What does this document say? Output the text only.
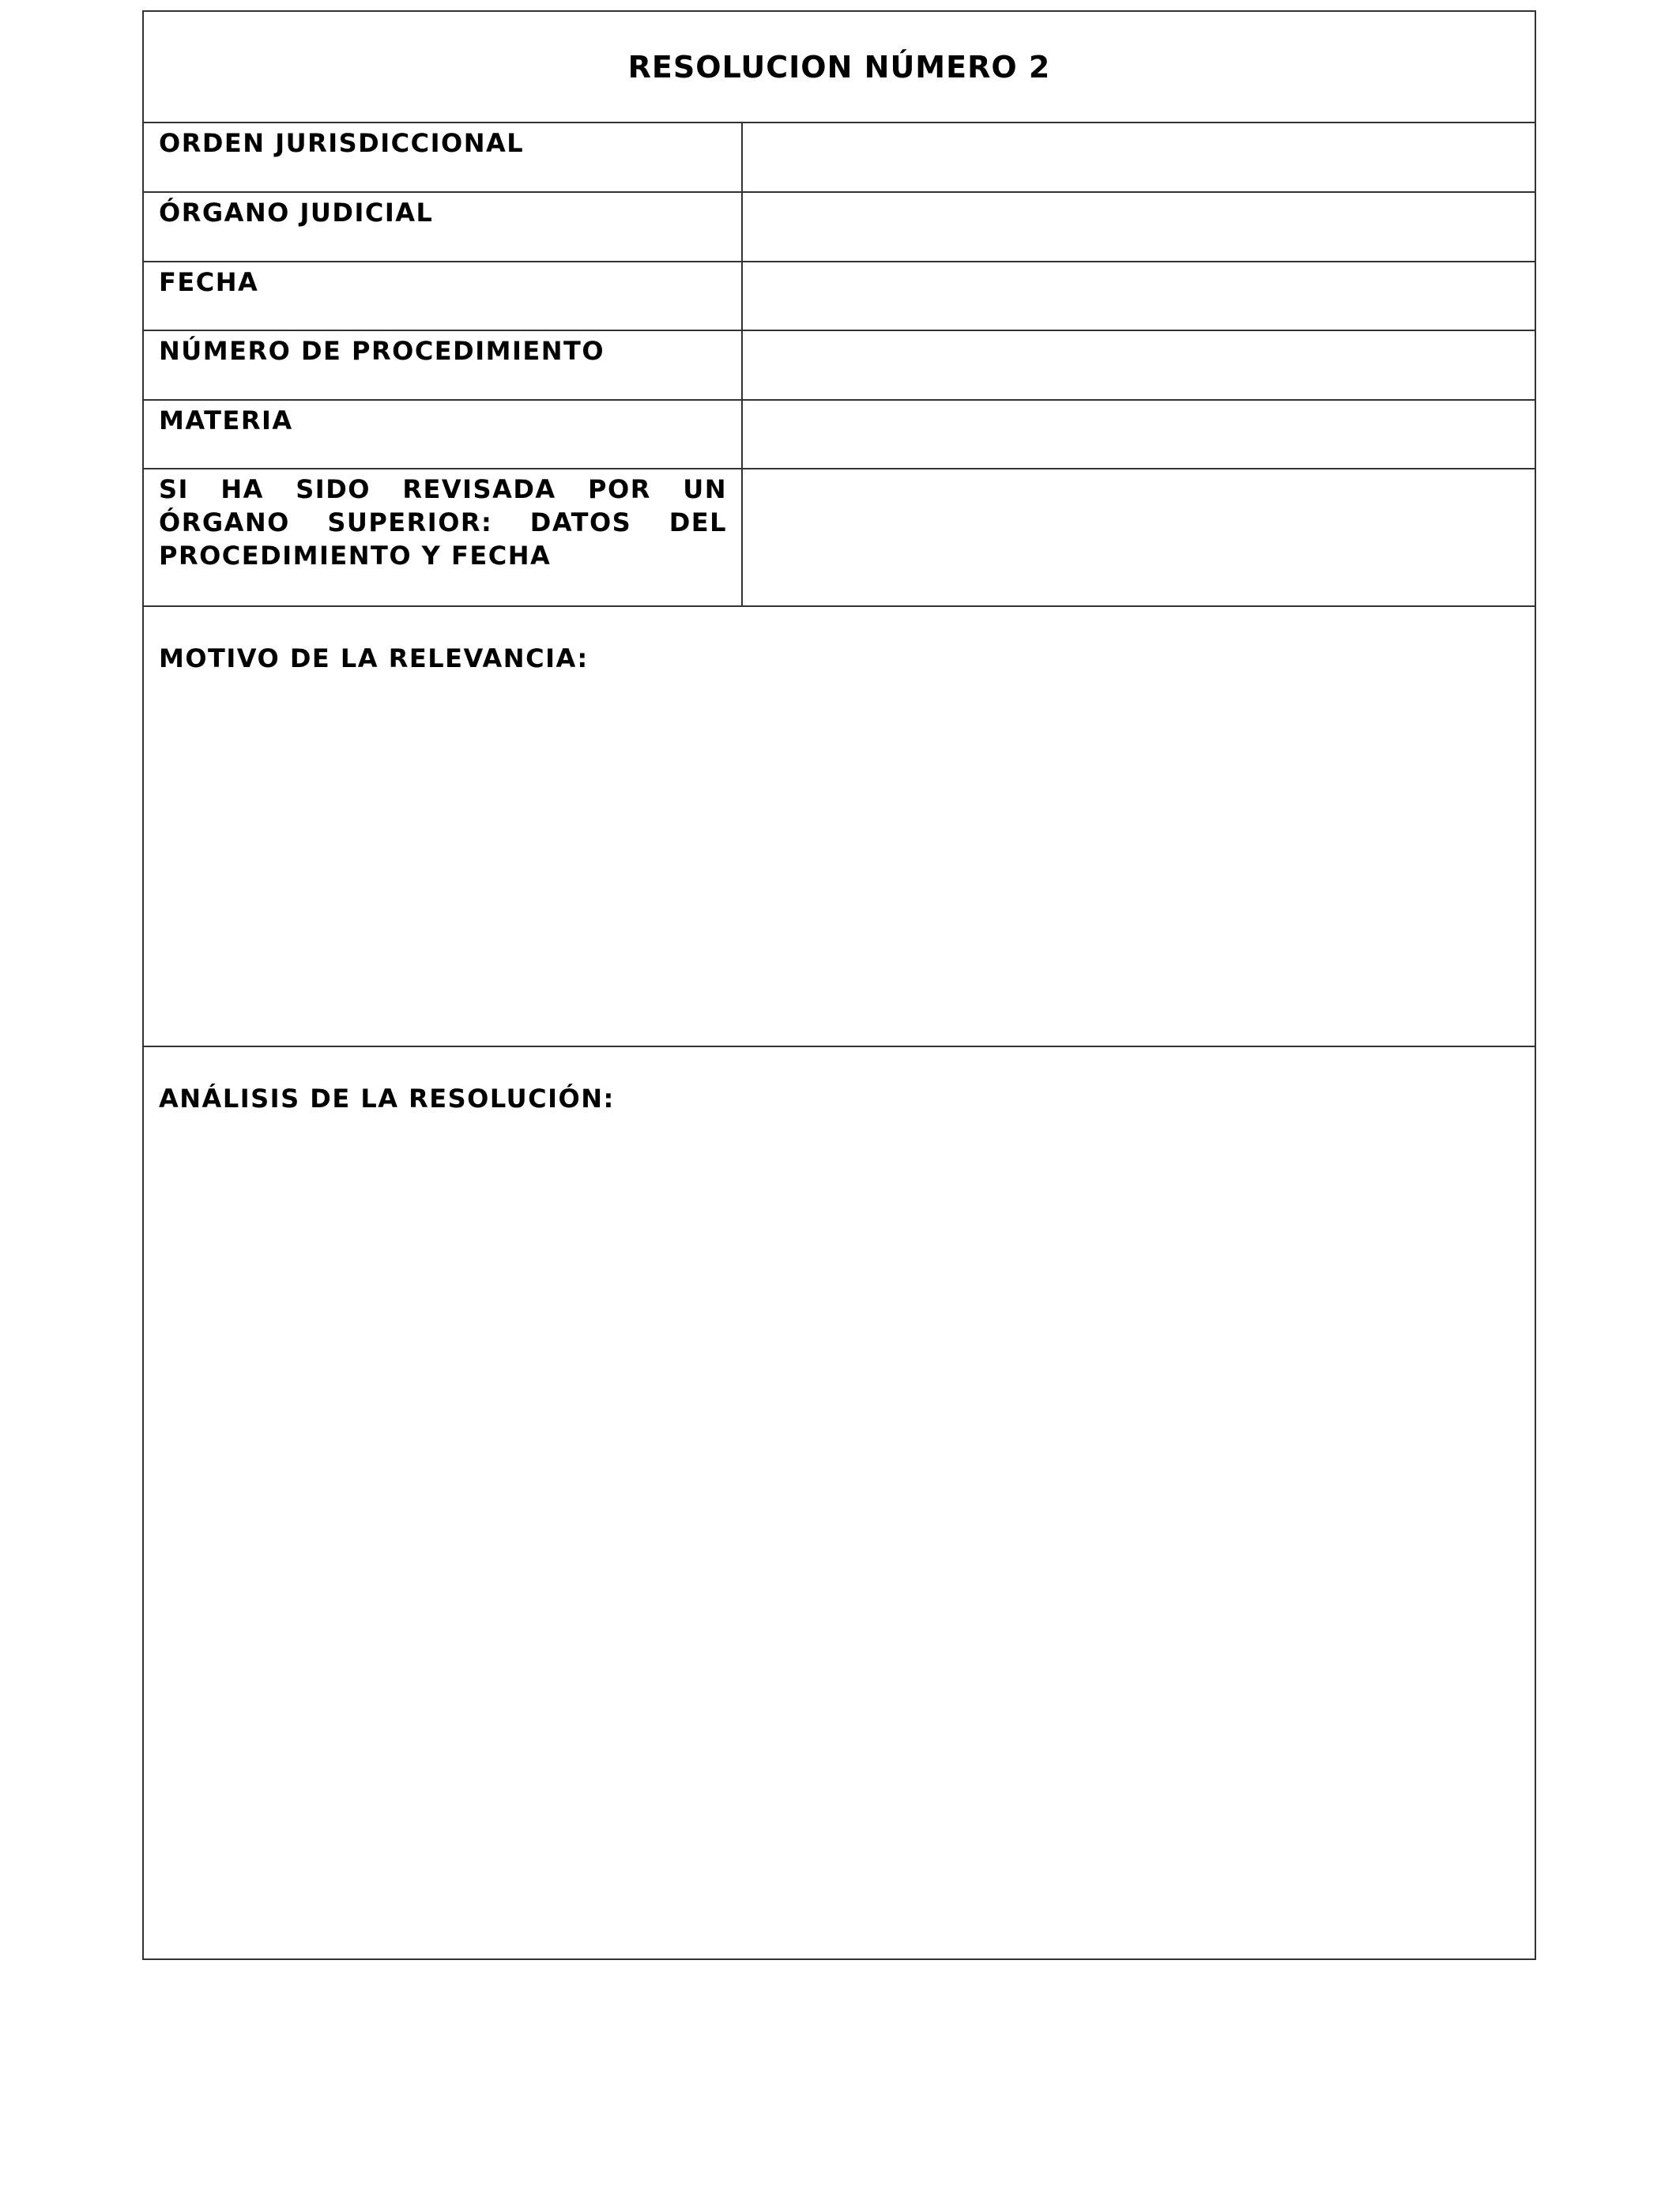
RESOLUCION NÚMERO 2
ORDEN JURISDICCIONAL
ÓRGANO JUDICIAL
FECHA
NÚMERO DE PROCEDIMIENTO
MATERIA
SI HA SIDO REVISADA POR UN ÓRGANO SUPERIOR: DATOS DEL PROCEDIMIENTO Y FECHA
MOTIVO DE LA RELEVANCIA:
ANÁLISIS DE LA RESOLUCIÓN:
